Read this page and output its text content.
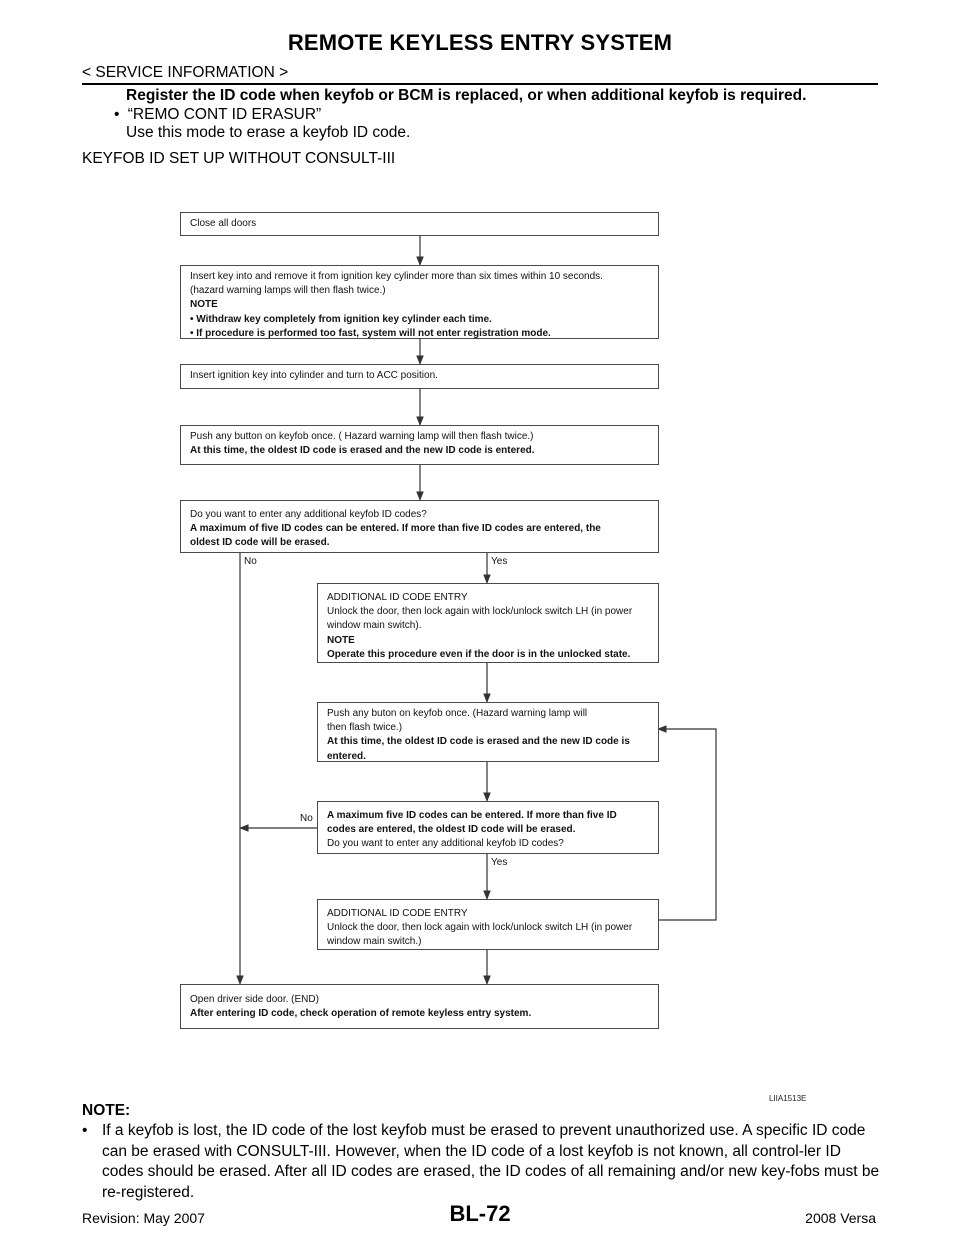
REMOTE KEYLESS ENTRY SYSTEM
< SERVICE INFORMATION >
Register the ID code when keyfob or BCM is replaced, or when additional keyfob is required.
• “REMO CONT ID ERASUR”
Use this mode to erase a keyfob ID code.
KEYFOB ID SET UP WITHOUT CONSULT-III
Close all doors
Insert key into and remove it from ignition key cylinder more than six times within 10 seconds.
(hazard warning lamps will then flash twice.)
NOTE
• Withdraw key completely from ignition key cylinder each time.
• If procedure is performed too fast, system will not enter registration mode.
Insert ignition key into cylinder and turn to ACC position.
Push any button on keyfob once. ( Hazard warning lamp will then flash twice.)
At this time, the oldest ID code is erased and the new ID code is entered.
Do you want to enter any additional keyfob ID codes?
A maximum of five ID codes can be entered. If more than five ID codes are entered, the
oldest ID code will be erased.
No	Yes
ADDITIONAL ID CODE ENTRY
Unlock the door, then lock again with lock/unlock switch LH (in power
window main switch).
NOTE
Operate this procedure even if the door is in the unlocked state.
Push any buton on keyfob once. (Hazard warning lamp will
then flash twice.)
At this time, the oldest ID code is erased and the new ID code is
entered.
A maximum five ID codes can be entered. If more than five ID
codes are entered, the oldest ID code will be erased.
Do you want to enter any additional keyfob ID codes?
No
Yes
ADDITIONAL ID CODE ENTRY
Unlock the door, then lock again with lock/unlock switch LH (in power
window main switch.)
Open driver side door. (END)
After entering ID code, check operation of remote keyless entry system.
LIIA1513E
NOTE:
• If a keyfob is lost, the ID code of the lost keyfob must be erased to prevent unauthorized use. A specific ID code can be erased with CONSULT-III. However, when the ID code of a lost keyfob is not known, all control-ler ID codes should be erased. After all ID codes are erased, the ID codes of all remaining and/or new key-fobs must be re-registered.
Revision: May 2007	BL-72	2008 Versa
